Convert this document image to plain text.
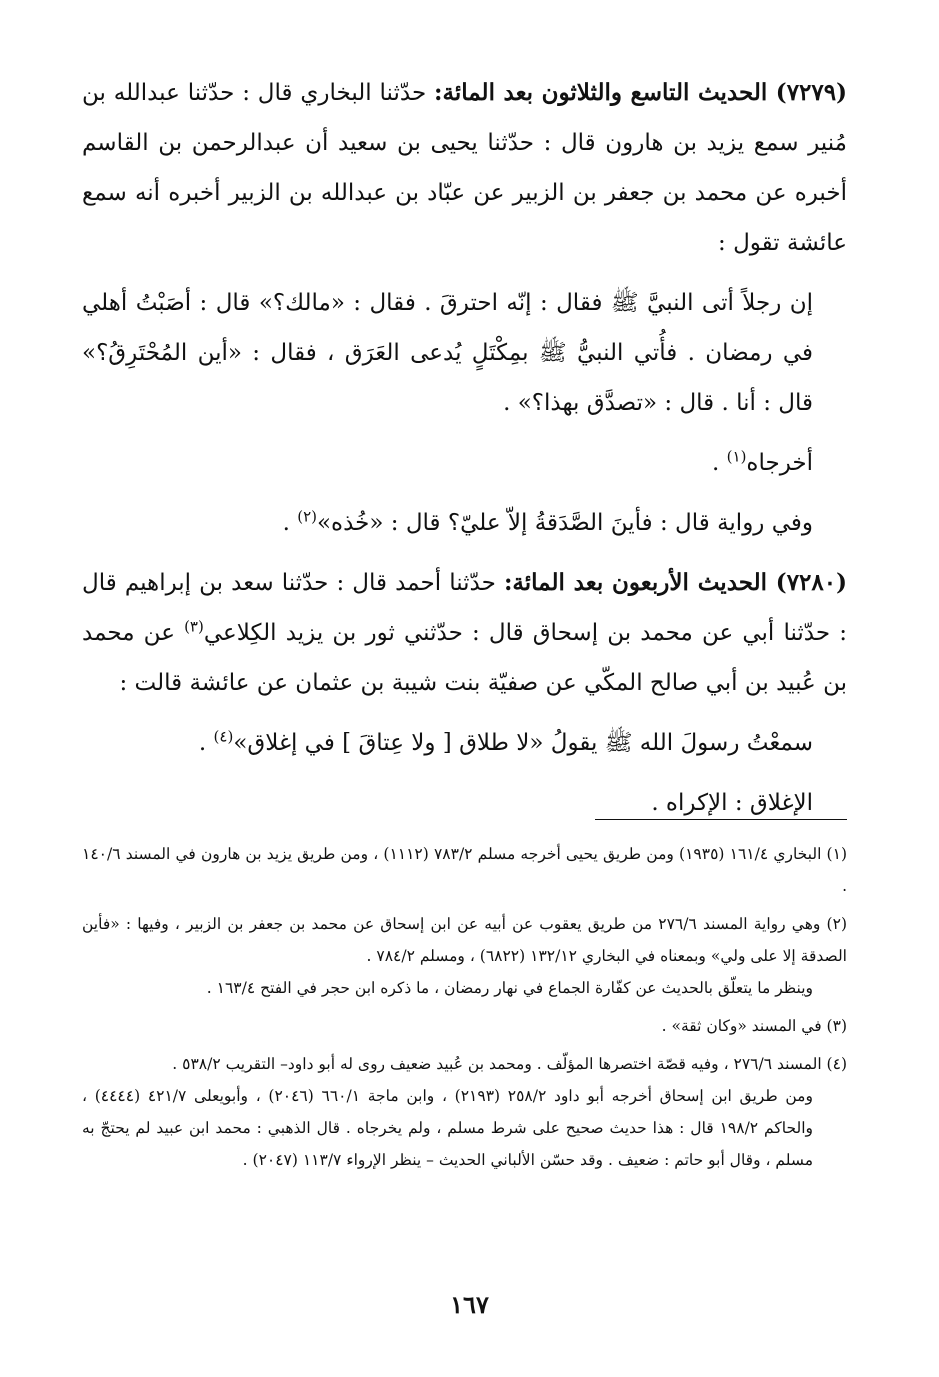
(٧٢٧٩) الحديث التاسع والثلاثون بعد المائة: حدّثنا البخاري قال : حدّثنا عبدالله بن مُنير سمع يزيد بن هارون قال : حدّثنا يحيى بن سعيد أن عبدالرحمن بن القاسم أخبره عن محمد بن جعفر بن الزبير عن عبّاد بن عبدالله بن الزبير أخبره أنه سمع عائشة تقول :

إن رجلاً أتى النبيَّ ﷺ فقال : إنّه احترقَ . فقال : «مالك؟» قال : أصَبْتُ أهلي في رمضان . فأُتي النبيُّ ﷺ بمِكْتَلٍ يُدعى العَرَق ، فقال : «أين المُحْتَرِقُ؟» قال : أنا . قال : «تصدَّق بهذا؟» .

أخرجاه$^{(١)}$ .

وفي رواية قال : فأينَ الصَّدَقةُ إلاّ عليّ؟ قال : «خُذه»$^{(٢)}$ .

(٧٢٨٠) الحديث الأربعون بعد المائة: حدّثنا أحمد قال : حدّثنا سعد بن إبراهيم قال : حدّثنا أبي عن محمد بن إسحاق قال : حدّثني ثور بن يزيد الكِلاعي$^{(٣)}$ عن محمد بن عُبيد بن أبي صالح المكّي عن صفيّة بنت شيبة بن عثمان عن عائشة قالت :

سمعْتُ رسولَ الله ﷺ يقولُ «لا طلاق [ ولا عِتاقَ ] في إغلاق»$^{(٤)}$ .

الإغلاق : الإكراه .

(١) البخاري ١٦١/٤ (١٩٣٥) ومن طريق يحيى أخرجه مسلم ٧٨٣/٢ (١١١٢) ، ومن طريق يزيد بن هارون في المسند ١٤٠/٦ .

(٢) وهي رواية المسند ٢٧٦/٦ من طريق يعقوب عن أبيه عن ابن إسحاق عن محمد بن جعفر بن الزبير ، وفيها : «فأين الصدقة إلا على ولي» وبمعناه في البخاري ١٣٢/١٢ (٦٨٢٢) ، ومسلم ٧٨٤/٢ .

وينظر ما يتعلّق بالحديث عن كفّارة الجماع في نهار رمضان ، ما ذكره ابن حجر في الفتح ١٦٣/٤ .

(٣) في المسند «وكان ثقة» .

(٤) المسند ٢٧٦/٦ ، وفيه قصّة اختصرها المؤلّف . ومحمد بن عُبيد ضعيف روى له أبو داود– التقريب ٥٣٨/٢ .

ومن طريق ابن إسحاق أخرجه أبو داود ٢٥٨/٢ (٢١٩٣) ، وابن ماجة ٦٦٠/١ (٢٠٤٦) ، وأبويعلى ٤٢١/٧ (٤٤٤٤) ، والحاكم ١٩٨/٢ قال : هذا حديث صحيح على شرط مسلم ، ولم يخرجاه . قال الذهبي : محمد ابن عبيد لم يحتجّ به مسلم ، وقال أبو حاتم : ضعيف . وقد حسّن الألباني الحديث – ينظر الإرواء ١١٣/٧ (٢٠٤٧) .

١٦٧
